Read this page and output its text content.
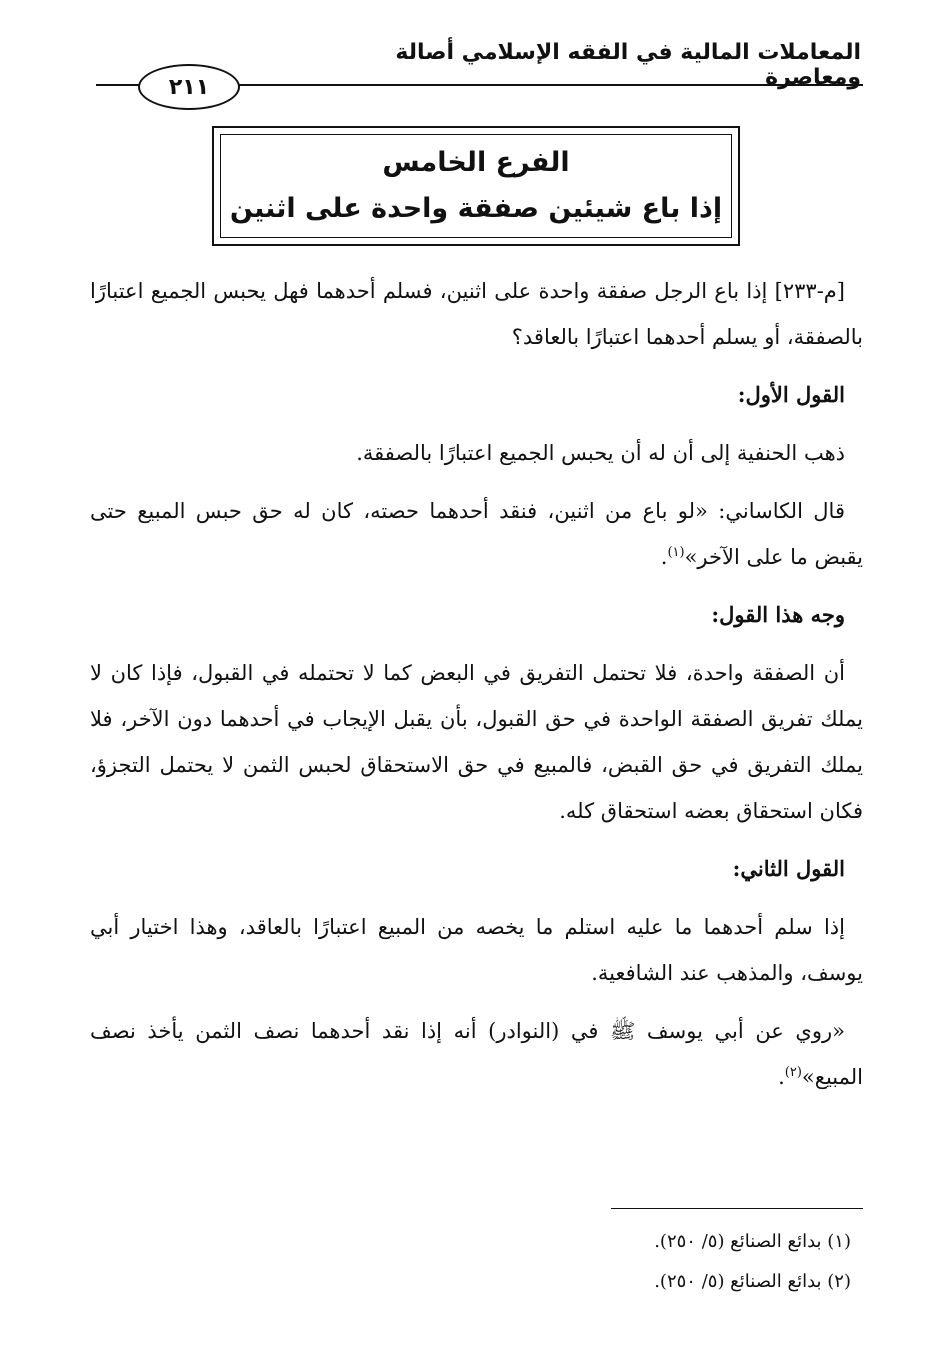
المعاملات المالية في الفقه الإسلامي أصالة ومعاصرة
٢١١
الفرع الخامس
إذا باع شيئين صفقة واحدة على اثنين

[م-٢٣٣] إذا باع الرجل صفقة واحدة على اثنين، فسلم أحدهما فهل يحبس الجميع اعتبارًا بالصفقة، أو يسلم أحدهما اعتبارًا بالعاقد؟

القول الأول:

ذهب الحنفية إلى أن له أن يحبس الجميع اعتبارًا بالصفقة.

قال الكاساني: «لو باع من اثنين، فنقد أحدهما حصته، كان له حق حبس المبيع حتى يقبض ما على الآخر»$^{(١)}$.

وجه هذا القول:

أن الصفقة واحدة، فلا تحتمل التفريق في البعض كما لا تحتمله في القبول، فإذا كان لا يملك تفريق الصفقة الواحدة في حق القبول، بأن يقبل الإيجاب في أحدهما دون الآخر، فلا يملك التفريق في حق القبض، فالمبيع في حق الاستحقاق لحبس الثمن لا يحتمل التجزؤ، فكان استحقاق بعضه استحقاق كله.

القول الثاني:

إذا سلم أحدهما ما عليه استلم ما يخصه من المبيع اعتبارًا بالعاقد، وهذا اختيار أبي يوسف، والمذهب عند الشافعية.

«روي عن أبي يوسف ﷺ في (النوادر) أنه إذا نقد أحدهما نصف الثمن يأخذ نصف المبيع»$^{(٢)}$.

(١) بدائع الصنائع (٥/ ٢٥٠).
(٢) بدائع الصنائع (٥/ ٢٥٠).
